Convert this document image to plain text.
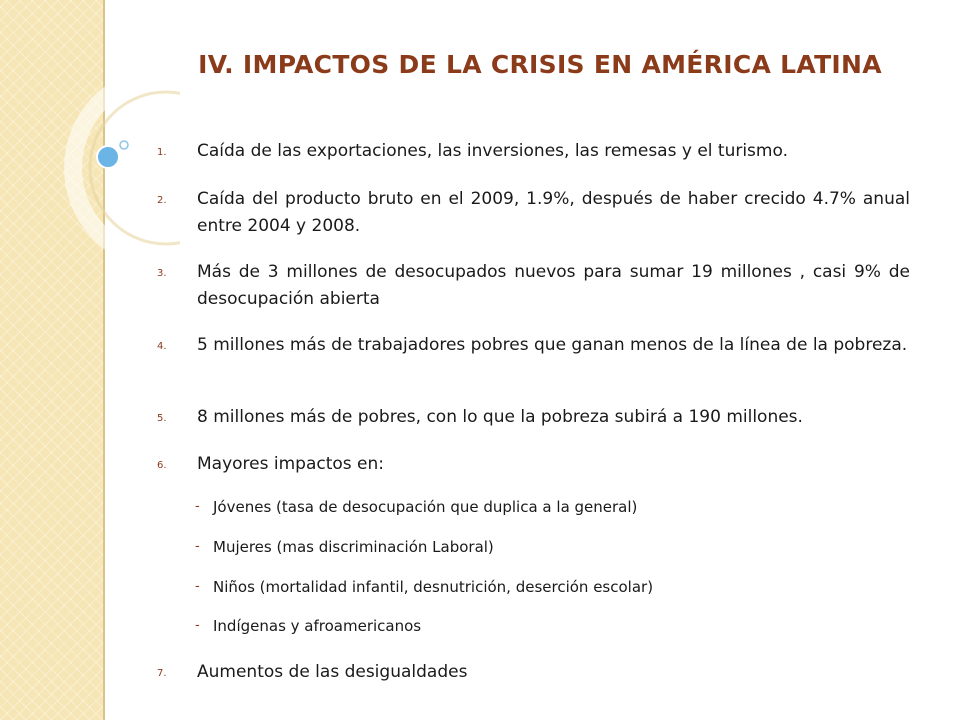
IV. IMPACTOS DE LA CRISIS EN AMÉRICA LATINA
1. Caída de las exportaciones, las inversiones, las remesas y el turismo.
2. Caída del producto bruto en el 2009, 1.9%, después de haber crecido 4.7% anual entre 2004 y 2008.
3. Más de 3 millones de desocupados nuevos para sumar 19 millones , casi 9% de desocupación abierta
4. 5 millones más de trabajadores pobres que ganan menos de la línea de la pobreza.
5. 8 millones más de pobres, con lo que la pobreza subirá a 190 millones.
6. Mayores impactos en:
- Jóvenes (tasa de desocupación que duplica a la general)
- Mujeres (mas discriminación Laboral)
- Niños (mortalidad infantil, desnutrición, deserción escolar)
- Indígenas y afroamericanos
7. Aumentos de las desigualdades
